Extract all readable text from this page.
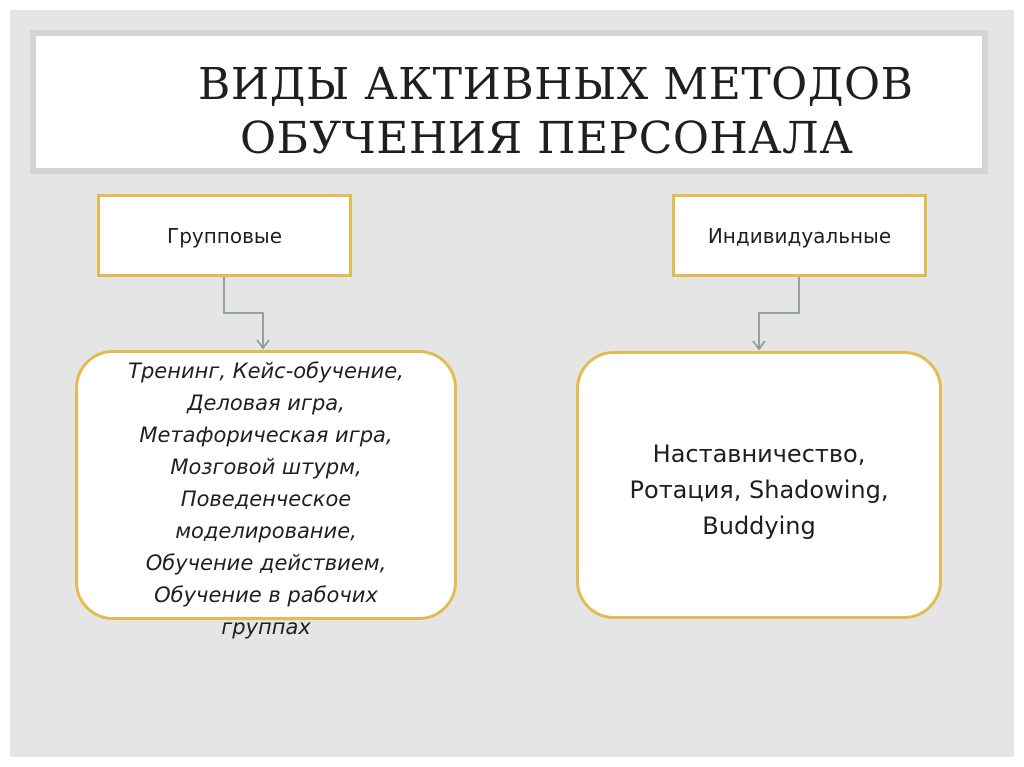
ВИДЫ АКТИВНЫХ МЕТОДОВ
ОБУЧЕНИЯ ПЕРСОНАЛА
Групповые	Индивидуальные
Тренинг, Кейс-обучение,
Деловая игра,
Метафорическая игра,
Мозговой штурм,
Поведенческое
моделирование,
Обучение действием,
Обучение в рабочих
группах
Наставничество,
Ротация, Shadowing,
Buddying
